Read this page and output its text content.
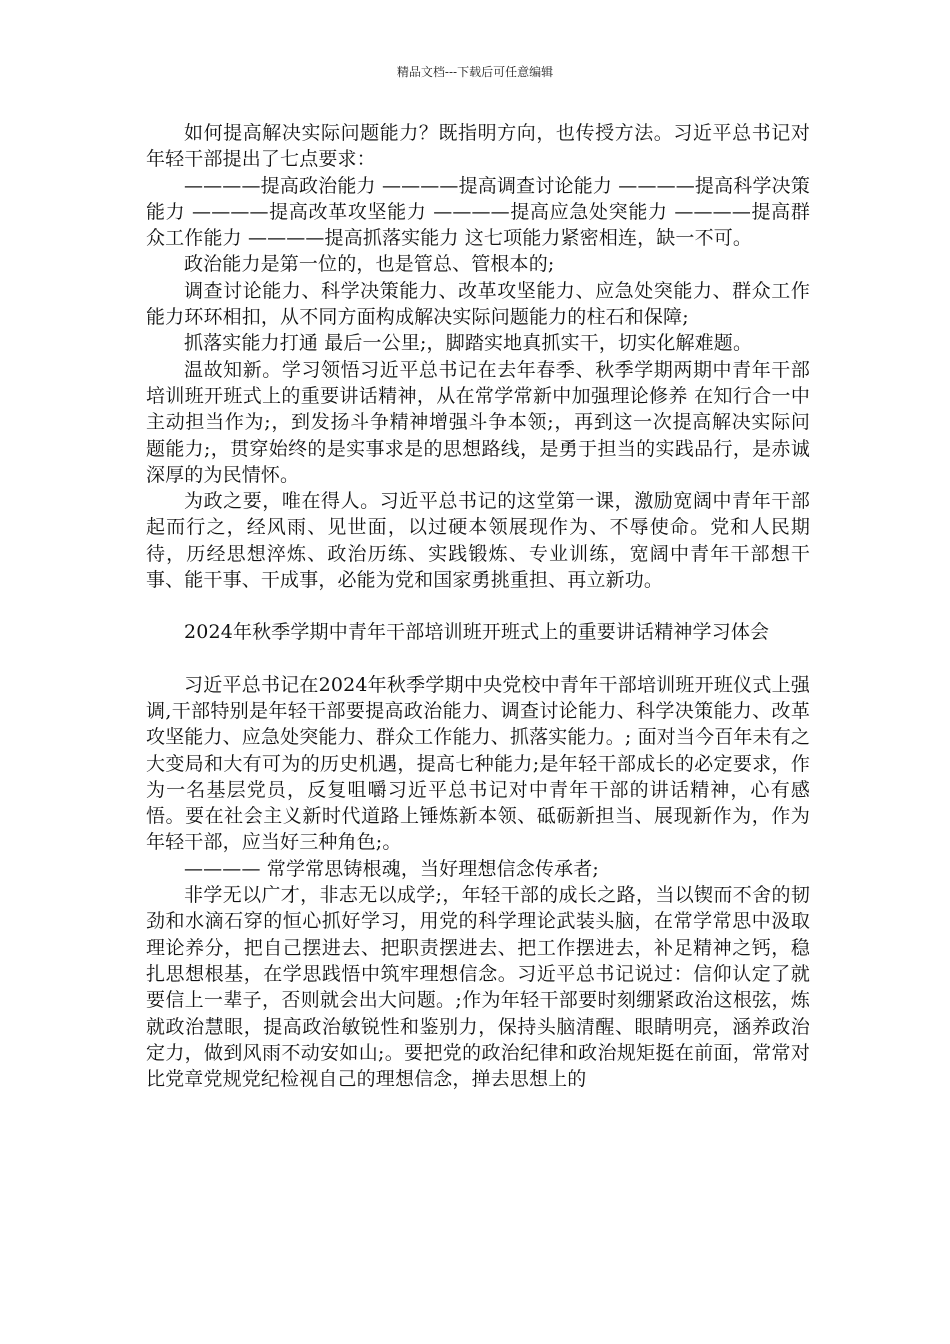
精品文档---下载后可任意编辑

如何提高解决实际问题能力？既指明方向，也传授方法。习近平总书记对年轻干部提出了七点要求：

————提高政治能力 ————提高调查讨论能力 ————提高科学决策能力 ————提高改革攻坚能力 ————提高应急处突能力 ————提高群众工作能力 ————提高抓落实能力 这七项能力紧密相连，缺一不可。

政治能力是第一位的，也是管总、管根本的;

调查讨论能力、科学决策能力、改革攻坚能力、应急处突能力、群众工作能力环环相扣，从不同方面构成解决实际问题能力的柱石和保障;

抓落实能力打通 最后一公里;，脚踏实地真抓实干，切实化解难题。

温故知新。学习领悟习近平总书记在去年春季、秋季学期两期中青年干部培训班开班式上的重要讲话精神，从在常学常新中加强理论修养 在知行合一中主动担当作为;，到发扬斗争精神增强斗争本领;，再到这一次提高解决实际问题能力;，贯穿始终的是实事求是的思想路线，是勇于担当的实践品行，是赤诚深厚的为民情怀。

为政之要，唯在得人。习近平总书记的这堂第一课，激励宽阔中青年干部起而行之，经风雨、见世面，以过硬本领展现作为、不辱使命。党和人民期待，历经思想淬炼、政治历练、实践锻炼、专业训练，宽阔中青年干部想干事、能干事、干成事，必能为党和国家勇挑重担、再立新功。

2024年秋季学期中青年干部培训班开班式上的重要讲话精神学习体会

习近平总书记在2024年秋季学期中央党校中青年干部培训班开班仪式上强调,干部特别是年轻干部要提高政治能力、调查讨论能力、科学决策能力、改革攻坚能力、应急处突能力、群众工作能力、抓落实能力。; 面对当今百年未有之大变局和大有可为的历史机遇，提高七种能力;是年轻干部成长的必定要求，作为一名基层党员，反复咀嚼习近平总书记对中青年干部的讲话精神，心有感悟。要在社会主义新时代道路上锤炼新本领、砥砺新担当、展现新作为，作为年轻干部，应当好三种角色;。

———— 常学常思铸根魂，当好理想信念传承者;

非学无以广才，非志无以成学;，年轻干部的成长之路，当以锲而不舍的韧劲和水滴石穿的恒心抓好学习，用党的科学理论武装头脑，在常学常思中汲取理论养分，把自己摆进去、把职责摆进去、把工作摆进去，补足精神之钙，稳扎思想根基，在学思践悟中筑牢理想信念。习近平总书记说过：信仰认定了就要信上一辈子，否则就会出大问题。;作为年轻干部要时刻绷紧政治这根弦，炼就政治慧眼，提高政治敏锐性和鉴别力，保持头脑清醒、眼睛明亮，涵养政治定力，做到风雨不动安如山;。要把党的政治纪律和政治规矩挺在前面，常常对比党章党规党纪检视自己的理想信念，掸去思想上的
